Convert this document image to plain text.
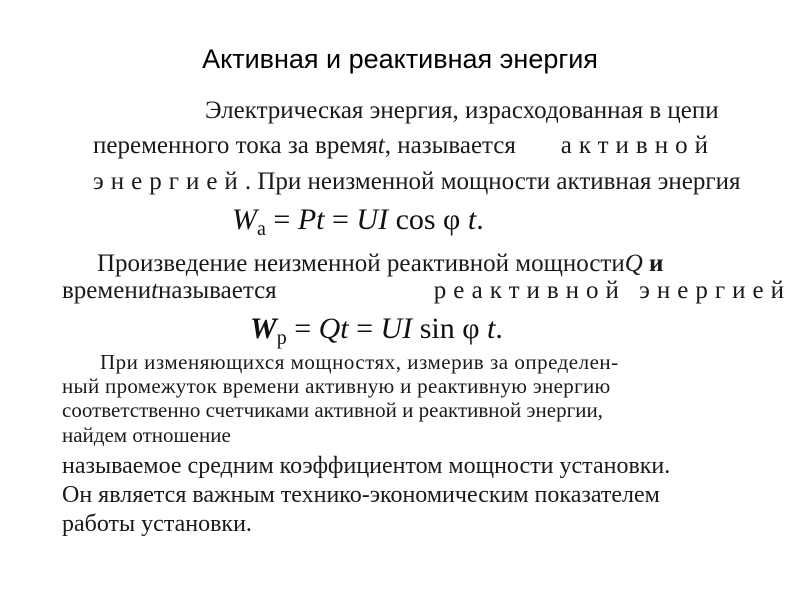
Активная и реактивная энергия
Электрическая энергия, израсходованная в цепи
переменного тока за времяt, называется активной
энергией . При неизменной мощности активная энергия
$W_а = Pt$ = UI cos φ t.
Произведение неизменной реактивной мощностиQ и
времениtназывается	реактивной энергией
$W_р = Qt$ = UI sin φ t.
При изменяющихся мощностях, измерив за определен-
ный промежуток времени активную и реактивную энергию
соответственно счетчиками активной и реактивной энергии,
найдем отношение
называемое средним коэффициентом мощности установки.
Он является важным технико-экономическим показателем
работы установки.
